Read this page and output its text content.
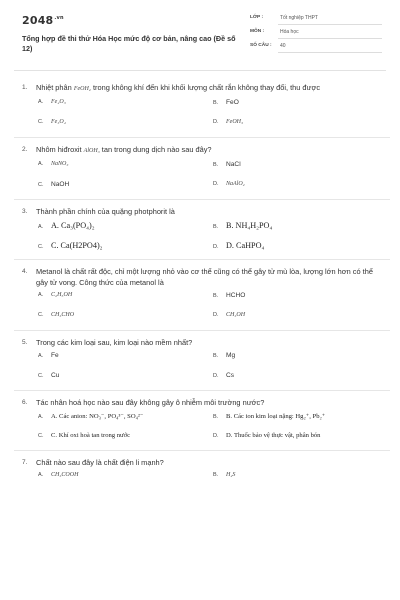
$2048^{.vn}$
Tổng hợp đề thi thử Hóa Học mức độ cơ bản, nâng cao (Đề số 12)
LỚP :	Tốt nghiệp THPT
MÔN :	Hóa học
SỐ CÂU :	40
1.	Nhiệt phân FeOH₂ trong không khí đến khi khối lượng chất rắn không thay đổi, thu được
A.	Fe₂O₃	B.	FeO
C.	Fe₃O₄	D.	FeOH₃
2.	Nhôm hiđroxit AlOH₃ tan trong dung dịch nào sau đây?
A.	NaNO₃	B.	NaCl
C.	NaOH	D.	NaAlO₂
3.	Thành phần chính của quặng photphorit là
A. A. Ca₃(PO₄)₂	B. B. NH₄H₂PO₄
C. C. Ca(H2PO4)₂	D. D. CaHPO₄
4.	Metanol là chất rất độc, chỉ một lượng nhỏ vào cơ thể cũng có thể gây tử mù lòa, lượng lớn hơn có thể gây tử vong. Công thức của metanol là
A.	C₂H₅OH	B.	HCHO
C.	CH₃CHO	D.	CH₃OH
5.	Trong các kim loại sau, kim loại nào mềm nhất?
A.	Fe	B.	Mg
C.	Cu	D.	Cs
6.	Tác nhân hoá học nào sau đây không gây ô nhiễm môi trường nước?
A.	A. Các anion: NO₃⁻, PO₄³⁻, SO₄²⁻	B.	B. Các ion kim loại nặng: Hg₂⁺, Pb₂⁺
C.	C. Khí oxi hoà tan trong nước	D.	D. Thuốc bảo vệ thực vật, phân bón
7.	Chất nào sau đây là chất điện li mạnh?
A.	CH₃COOH	B.	H₂S
